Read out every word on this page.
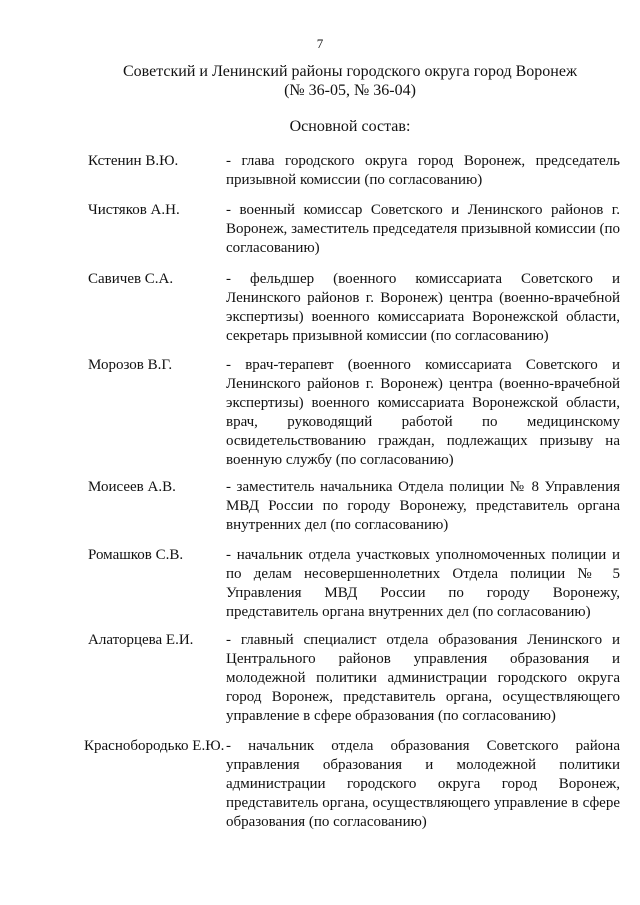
7
Советский и Ленинский районы городского округа город Воронеж
(№ 36-05, № 36-04)
Основной состав:
Кстенин В.Ю.	- глава городского округа город Воронеж, председатель призывной комиссии (по согласованию)
Чистяков А.Н.	- военный комиссар Советского и Ленинского районов г. Воронеж, заместитель председателя призывной комиссии (по согласованию)
Савичев С.А.	- фельдшер (военного комиссариата Советского и Ленинского районов г. Воронеж) центра (военно-врачебной экспертизы) военного комиссариата Воронежской области, секретарь призывной комиссии (по согласованию)
Морозов В.Г.	- врач-терапевт (военного комиссариата Советского и Ленинского районов г. Воронеж) центра (военно-врачебной экспертизы) военного комиссариата Воронежской области, врач, руководящий работой по медицинскому освидетельствованию граждан, подлежащих призыву на военную службу (по согласованию)
Моисеев А.В.	- заместитель начальника Отдела полиции № 8 Управления МВД России по городу Воронежу, представитель органа внутренних дел (по согласованию)
Ромашков С.В.	- начальник отдела участковых уполномоченных полиции и по делам несовершеннолетних Отдела полиции № 5 Управления МВД России по городу Воронежу, представитель органа внутренних дел (по согласованию)
Алаторцева Е.И. - главный специалист отдела образования Ленинского и Центрального районов управления образования и молодежной политики администрации городского округа город Воронеж, представитель органа, осуществляющего управление в сфере образования (по согласованию)
Краснобородько Е.Ю. - начальник отдела образования Советского района управления образования и молодежной политики администрации городского округа город Воронеж, представитель органа, осуществляющего управление в сфере образования (по согласованию)
